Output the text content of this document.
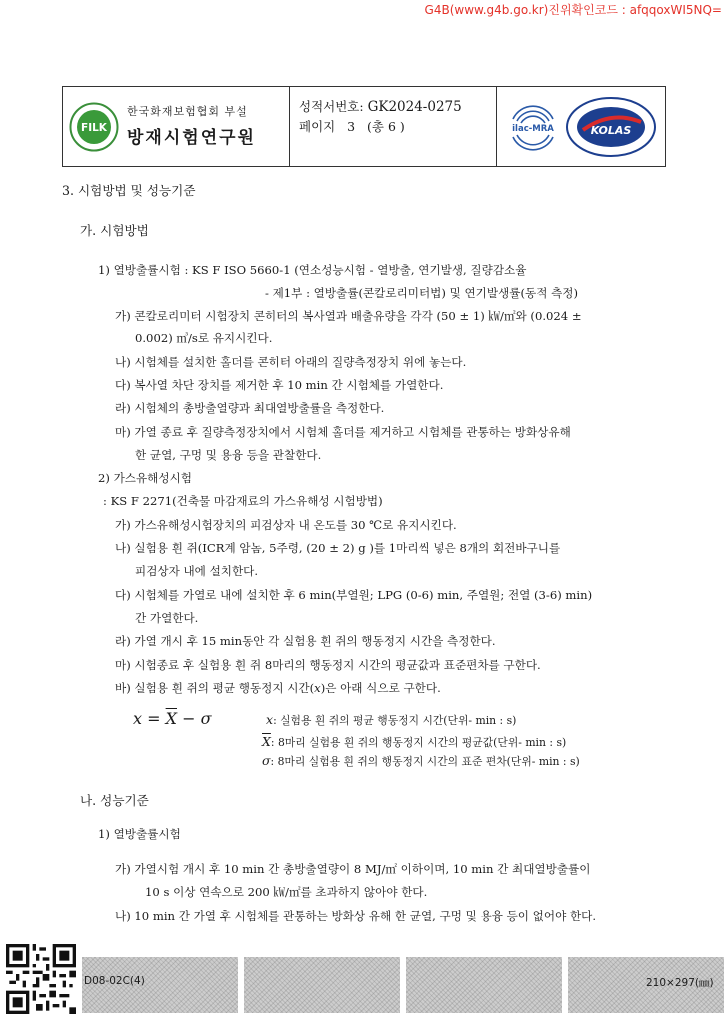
G4B(www.g4b.go.kr)진위확인코드 : afqqoxWI5NQ=
FILK
한국화재보험협회 부설
방재시험연구원
성적서번호: GK2024-0275
페이지 3 (총 6 )	ilac-MRA	KOLAS
3. 시험방법 및 성능기준
가. 시험방법
1) 열방출률시험 : KS F ISO 5660-1 (연소성능시험 - 열방출, 연기발생, 질량감소율
- 제1부 : 열방출률(콘칼로리미터법) 및 연기발생률(동적 측정)
가) 콘칼로리미터 시험장치 콘히터의 복사열과 배출유량을 각각 (50 ± 1) ㎾/㎡와 (0.024 ±
0.002) ㎥/s로 유지시킨다.
나) 시험체를 설치한 홀더를 콘히터 아래의 질량측정장치 위에 놓는다.
다) 복사열 차단 장치를 제거한 후 10 min 간 시험체를 가열한다.
라) 시험체의 총방출열량과 최대열방출률을 측정한다.
마) 가열 종료 후 질량측정장치에서 시험체 홀더를 제거하고 시험체를 관통하는 방화상유해
한 균열, 구멍 및 용융 등을 관찰한다.
2) 가스유해성시험
: KS F 2271(건축물 마감재료의 가스유해성 시험방법)
가) 가스유해성시험장치의 피검상자 내 온도를 30 ℃로 유지시킨다.
나) 실험용 흰 쥐(ICR계 암놈, 5주령, (20 ± 2) g )를 1마리씩 넣은 8개의 회전바구니를
피검상자 내에 설치한다.
다) 시험체를 가열로 내에 설치한 후 6 min(부열원; LPG (0-6) min, 주열원; 전열 (3-6) min)
간 가열한다.
라) 가열 개시 후 15 min동안 각 실험용 흰 쥐의 행동정지 시간을 측정한다.
마) 시험종료 후 실험용 흰 쥐 8마리의 행동정지 시간의 평균값과 표준편차를 구한다.
바) 실험용 흰 쥐의 평균 행동정지 시간(𝑥)은 아래 식으로 구한다.
$x = \overline{X} - \sigma$	x: 실험용 흰 쥐의 평균 행동정지 시간(단위- min : s)
$\overline{X}$: 8마리 실험용 흰 쥐의 행동정지 시간의 평균값(단위- min : s)
σ: 8마리 실험용 흰 쥐의 행동정지 시간의 표준 편차(단위- min : s)
나. 성능기준
1) 열방출률시험
가) 가열시험 개시 후 10 min 간 총방출열량이 8 MJ/㎡ 이하이며, 10 min 간 최대열방출률이
10 s 이상 연속으로 200 ㎾/㎡를 초과하지 않아야 한다.
나) 10 min 간 가열 후 시험체를 관통하는 방화상 유해 한 균열, 구멍 및 용융 등이 없어야 한다.
D08-02C(4)	210×297(㎜)
